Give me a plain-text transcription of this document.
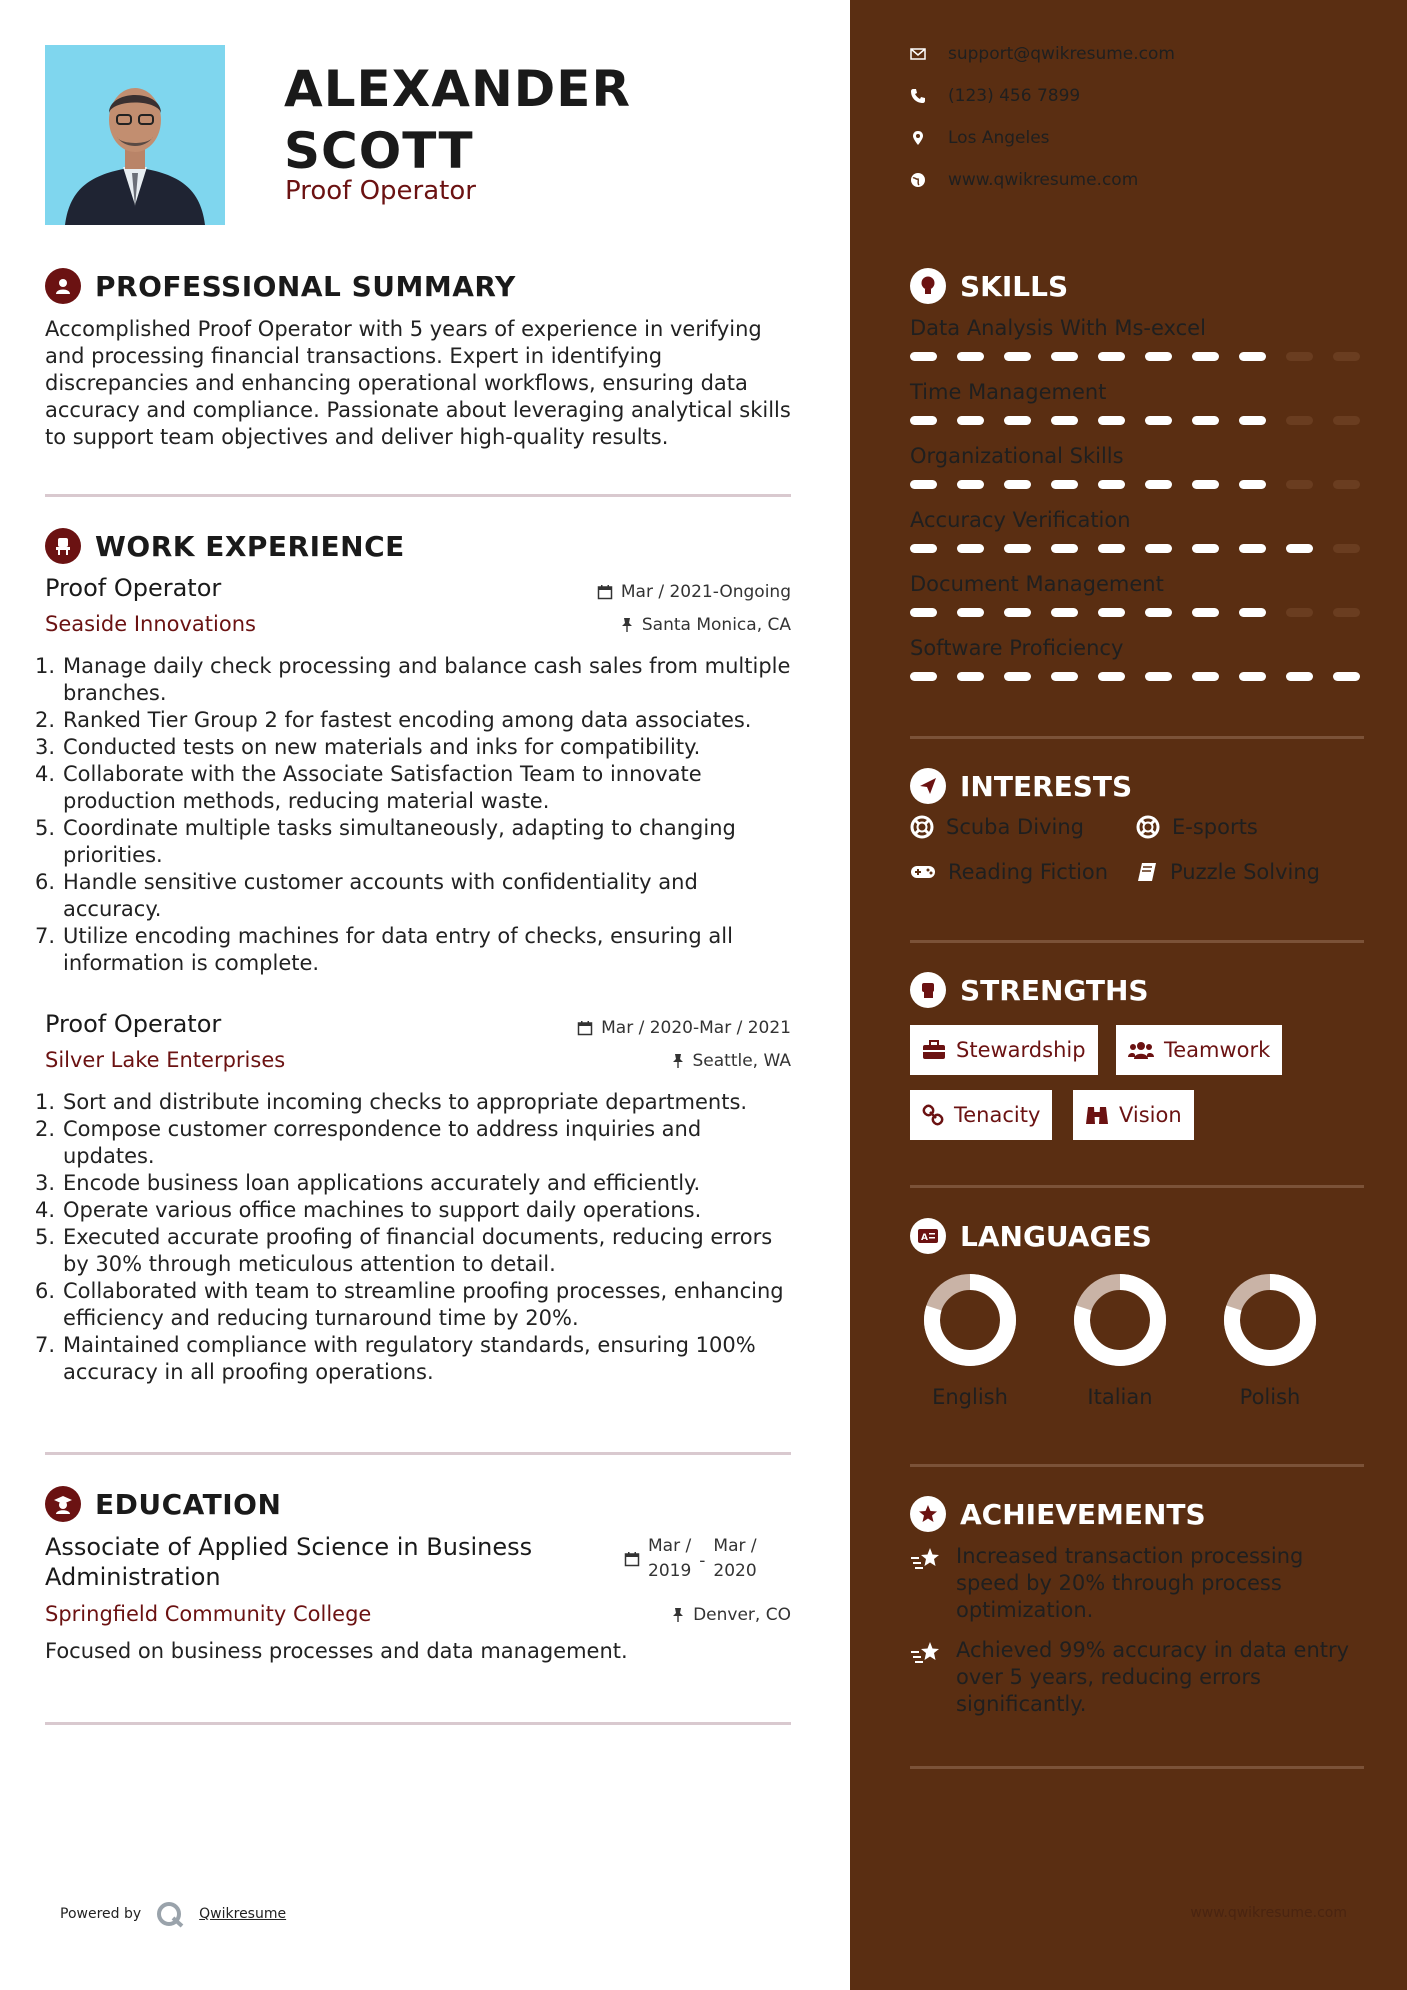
ALEXANDER
SCOTT
Proof Operator
PROFESSIONAL SUMMARY
Accomplished Proof Operator with 5 years of experience in verifying and processing financial transactions. Expert in identifying discrepancies and enhancing operational workflows, ensuring data accuracy and compliance. Passionate about leveraging analytical skills to support team objectives and deliver high-quality results.
WORK EXPERIENCE
Proof Operator
Seaside Innovations
Mar / 2021-Ongoing
Santa Monica, CA
1. Manage daily check processing and balance cash sales from multiple branches.
2. Ranked Tier Group 2 for fastest encoding among data associates.
3. Conducted tests on new materials and inks for compatibility.
4. Collaborate with the Associate Satisfaction Team to innovate production methods, reducing material waste.
5. Coordinate multiple tasks simultaneously, adapting to changing priorities.
6. Handle sensitive customer accounts with confidentiality and accuracy.
7. Utilize encoding machines for data entry of checks, ensuring all information is complete.
Proof Operator
Silver Lake Enterprises
Mar / 2020-Mar / 2021
Seattle, WA
1. Sort and distribute incoming checks to appropriate departments.
2. Compose customer correspondence to address inquiries and updates.
3. Encode business loan applications accurately and efficiently.
4. Operate various office machines to support daily operations.
5. Executed accurate proofing of financial documents, reducing errors by 30% through meticulous attention to detail.
6. Collaborated with team to streamline proofing processes, enhancing efficiency and reducing turnaround time by 20%.
7. Maintained compliance with regulatory standards, ensuring 100% accuracy in all proofing operations.
EDUCATION
Associate of Applied Science in Business
Administration
Springfield Community College
Mar /
2019
-
Mar /
2020
Denver, CO
Focused on business processes and data management.
Powered by	Qwikresume
support@qwikresume.com
(123) 456 7899
Los Angeles
www.qwikresume.com
SKILLS
Data Analysis With Ms-excel
Time Management
Organizational Skills
Accuracy Verification
Document Management
Software Proficiency
INTERESTS
Scuba Diving	E-sports
Reading Fiction	Puzzle Solving
STRENGTHS
Stewardship	Teamwork
Tenacity	Vision
A LANGUAGES
English	Italian	Polish
ACHIEVEMENTS
Increased transaction processing speed by 20% through process optimization.
Achieved 99% accuracy in data entry over 5 years, reducing errors significantly.
www.qwikresume.com
